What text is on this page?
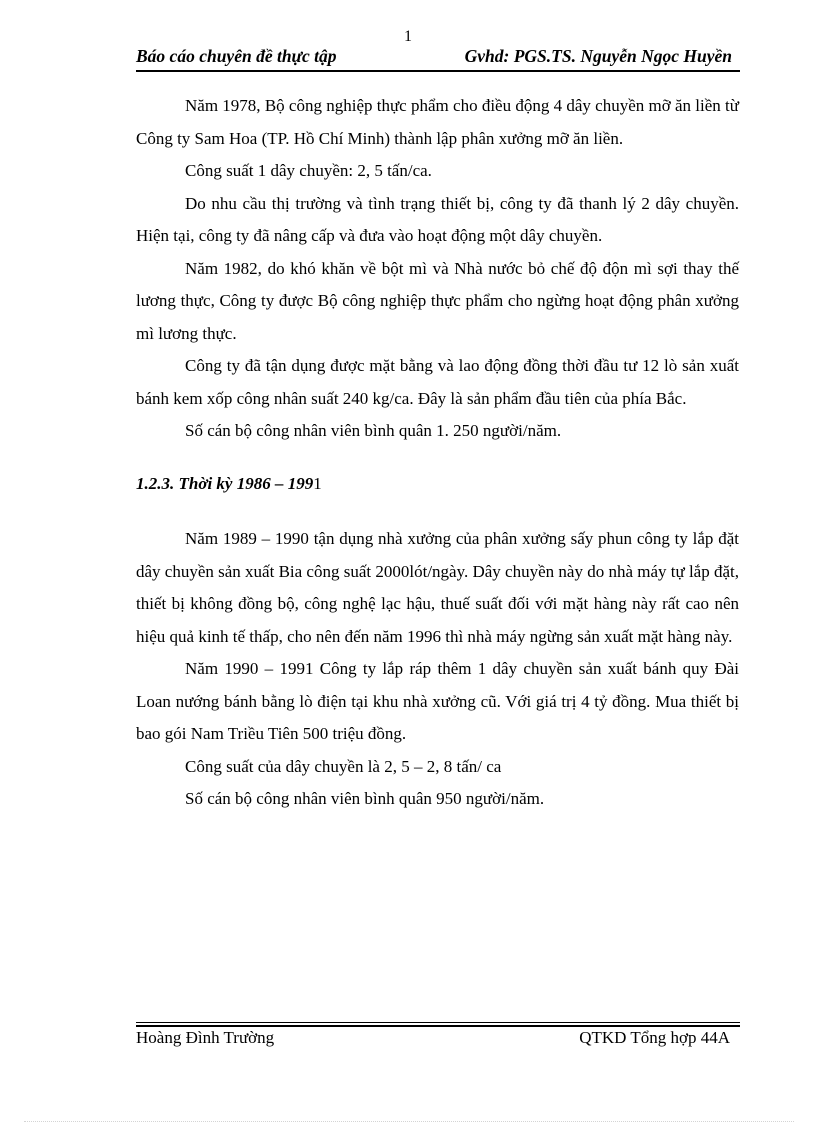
1
Báo cáo chuyên đề thực tập	Gvhd: PGS.TS. Nguyễn Ngọc Huyền

Năm 1978, Bộ công nghiệp thực phẩm cho điều động 4 dây chuyền mỡ ăn liền từ Công ty Sam Hoa (TP. Hồ Chí Minh) thành lập phân xưởng mỡ ăn liền.

Công suất 1 dây chuyền: 2, 5 tấn/ca.

Do nhu cầu thị trường và tình trạng thiết bị, công ty đã thanh lý 2 dây chuyền. Hiện tại, công ty đã nâng cấp và đưa vào hoạt động một dây chuyền.

Năm 1982, do khó khăn về bột mì và Nhà nước bỏ chế độ độn mì sợi thay thế lương thực, Công ty được Bộ công nghiệp thực phẩm cho ngừng hoạt động phân xưởng mì lương thực.

Công ty đã tận dụng được mặt bằng và lao động đồng thời đầu tư 12 lò sản xuất bánh kem xốp công nhân suất 240 kg/ca. Đây là sản phẩm đầu tiên của phía Bắc.

Số cán bộ công nhân viên bình quân 1. 250 người/năm.

1.2.3. Thời kỳ 1986 – 1991

Năm 1989 – 1990 tận dụng nhà xưởng của phân xưởng sấy phun công ty lắp đặt dây chuyền sản xuất Bia công suất 2000lót/ngày. Dây chuyền này do nhà máy tự lắp đặt, thiết bị không đồng bộ, công nghệ lạc hậu, thuế suất đối với mặt hàng này rất cao nên hiệu quả kinh tế thấp, cho nên đến năm 1996 thì nhà máy ngừng sản xuất mặt hàng này.

Năm 1990 – 1991 Công ty lắp ráp thêm 1 dây chuyền sản xuất bánh quy Đài Loan nướng bánh bằng lò điện tại khu nhà xưởng cũ. Với giá trị 4 tỷ đồng. Mua thiết bị bao gói Nam Triều Tiên 500 triệu đồng.

Công suất của dây chuyền là 2, 5 – 2, 8 tấn/ ca

Số cán bộ công nhân viên bình quân 950 người/năm.

Hoàng Đình Trường	QTKD Tổng hợp 44A
